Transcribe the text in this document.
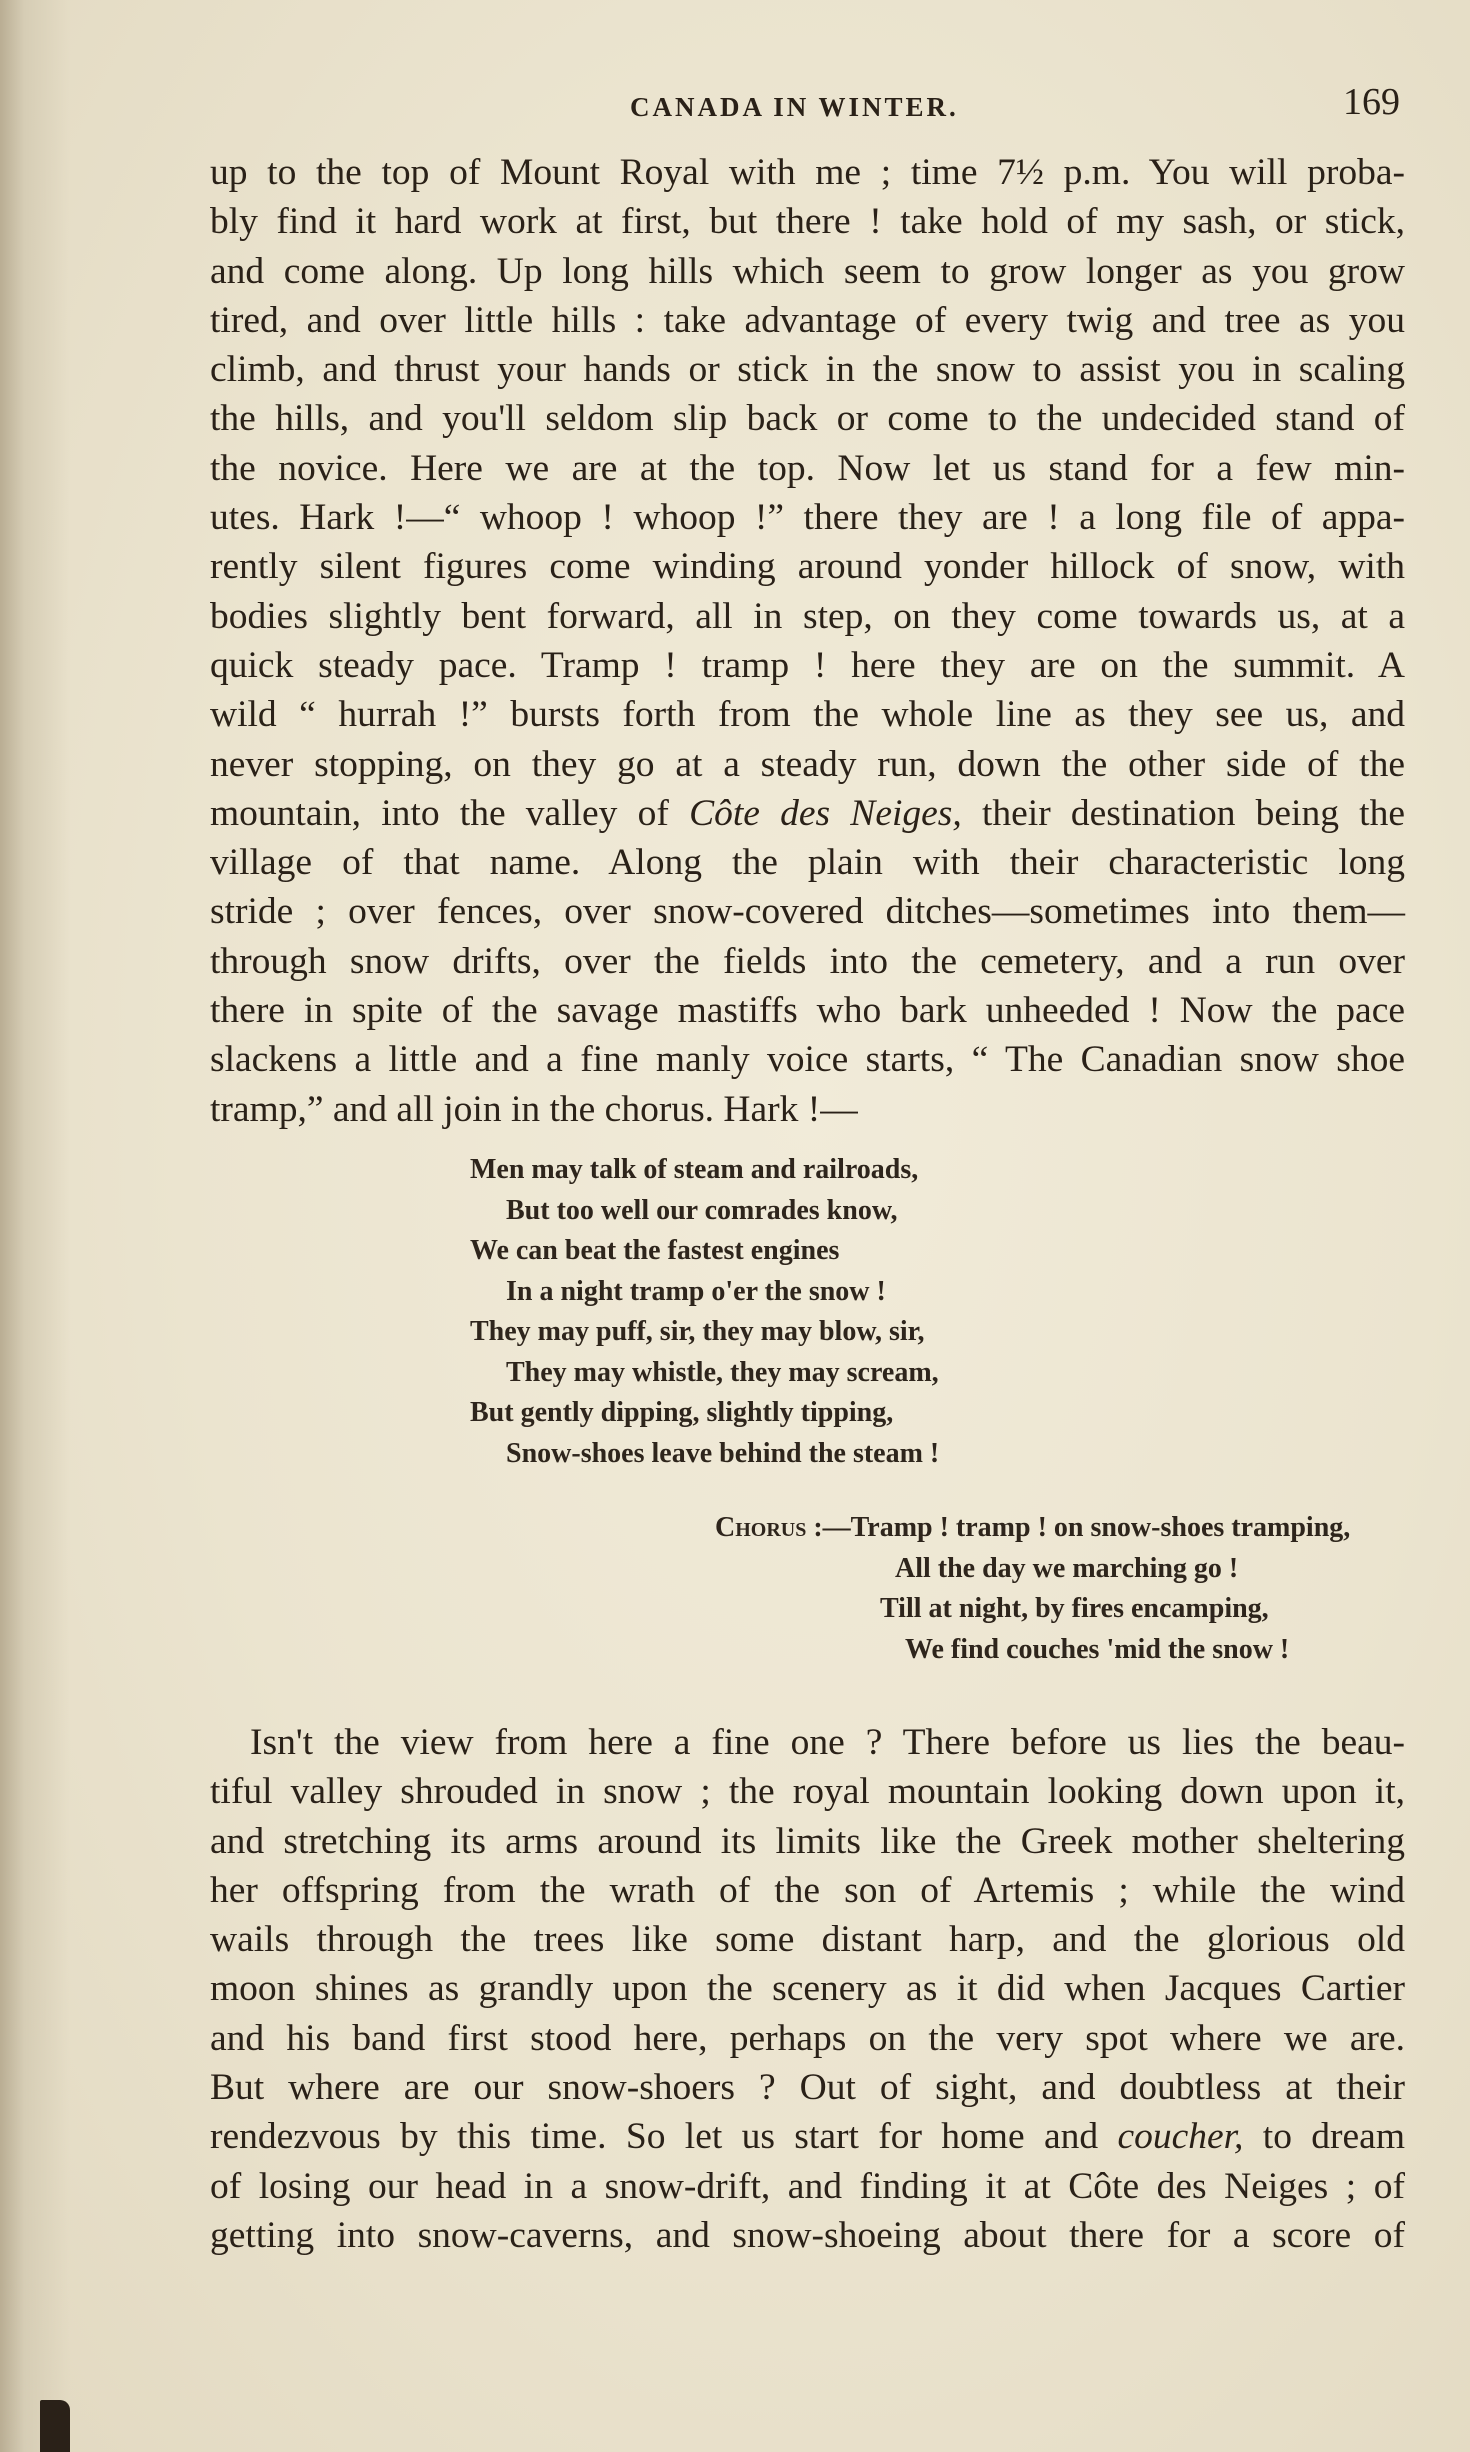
CANADA IN WINTER.	169
up to the top of Mount Royal with me ; time 7½ p.m. You will proba-
bly find it hard work at first, but there ! take hold of my sash, or stick,
and come along. Up long hills which seem to grow longer as you grow
tired, and over little hills : take advantage of every twig and tree as you
climb, and thrust your hands or stick in the snow to assist you in scaling
the hills, and you'll seldom slip back or come to the undecided stand of
the novice. Here we are at the top. Now let us stand for a few min-
utes. Hark !—“ whoop ! whoop !” there they are ! a long file of appa-
rently silent figures come winding around yonder hillock of snow, with
bodies slightly bent forward, all in step, on they come towards us, at a
quick steady pace. Tramp ! tramp ! here they are on the summit. A
wild “ hurrah !” bursts forth from the whole line as they see us, and
never stopping, on they go at a steady run, down the other side of the
mountain, into the valley of Côte des Neiges, their destination being the
village of that name. Along the plain with their characteristic long
stride ; over fences, over snow-covered ditches—sometimes into them—
through snow drifts, over the fields into the cemetery, and a run over
there in spite of the savage mastiffs who bark unheeded ! Now the pace
slackens a little and a fine manly voice starts, “ The Canadian snow shoe
tramp,” and all join in the chorus. Hark !—
Men may talk of steam and railroads,
But too well our comrades know,
We can beat the fastest engines
In a night tramp o'er the snow !
They may puff, sir, they may blow, sir,
They may whistle, they may scream,
But gently dipping, slightly tipping,
Snow-shoes leave behind the steam !
Chorus :—Tramp ! tramp ! on snow-shoes tramping,
All the day we marching go !
Till at night, by fires encamping,
We find couches 'mid the snow !
Isn't the view from here a fine one ? There before us lies the beau-
tiful valley shrouded in snow ; the royal mountain looking down upon it,
and stretching its arms around its limits like the Greek mother sheltering
her offspring from the wrath of the son of Artemis ; while the wind
wails through the trees like some distant harp, and the glorious old
moon shines as grandly upon the scenery as it did when Jacques Cartier
and his band first stood here, perhaps on the very spot where we are.
But where are our snow-shoers ? Out of sight, and doubtless at their
rendezvous by this time. So let us start for home and coucher, to dream
of losing our head in a snow-drift, and finding it at Côte des Neiges ; of
getting into snow-caverns, and snow-shoeing about there for a score of
